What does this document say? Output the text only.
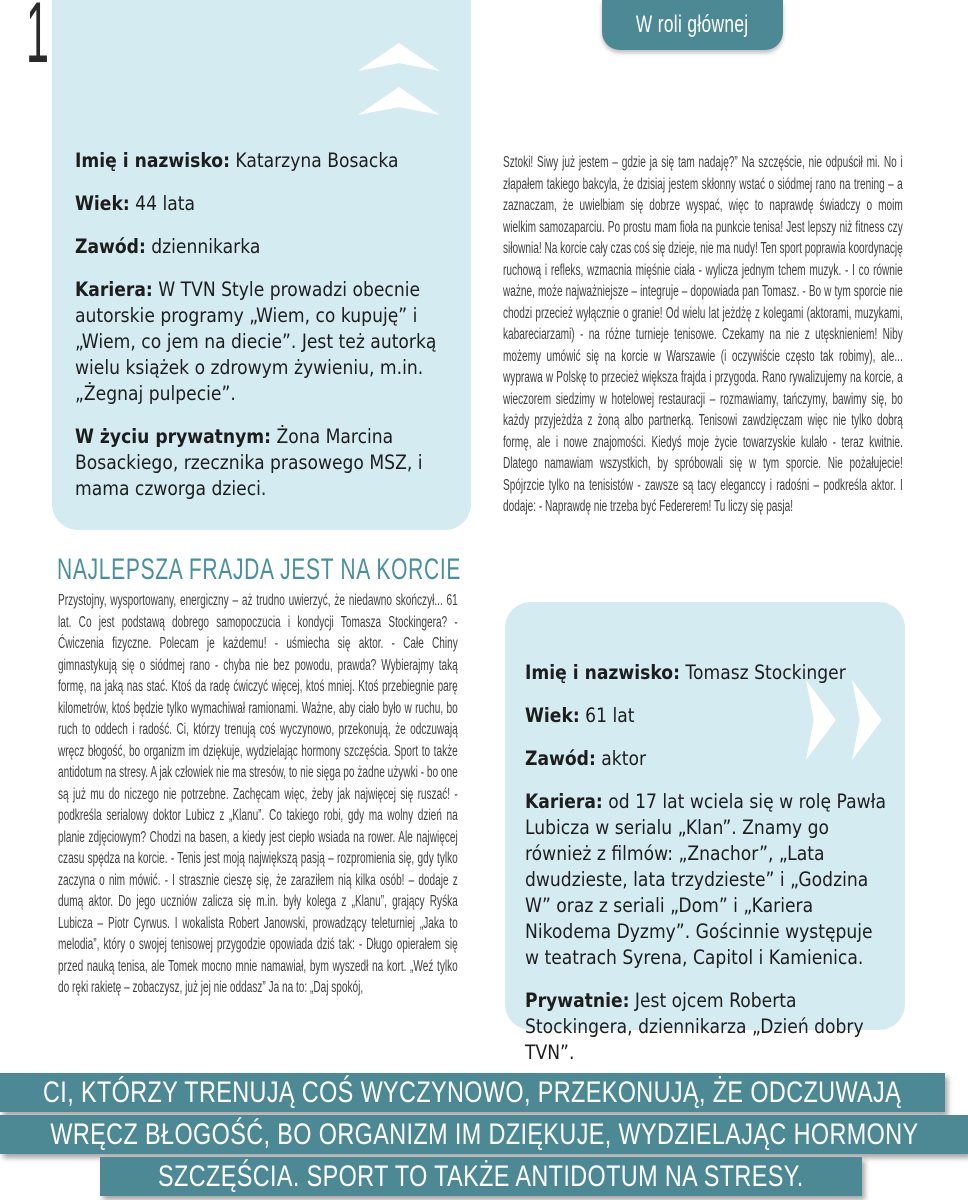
1

Imię i nazwisko: Katarzyna Bosacka

Wiek: 44 lata

Zawód: dziennikarka

Kariera: W TVN Style prowadzi obecnie autorskie programy „Wiem, co kupuję” i „Wiem, co jem na diecie”. Jest też autorką wielu książek o zdrowym żywieniu, m.in. „Żegnaj pulpecie”.

W życiu prywatnym: Żona Marcina Bosackiego, rzecznika prasowego MSZ, i mama czworga dzieci.

W roli głównej
NAJLEPSZA FRAJDA JEST NA KORCIE
Przystojny, wysportowany, energiczny – aż trudno uwierzyć, że niedawno skończył... 61 lat. Co jest podstawą dobrego samopoczucia i kondycji Tomasza Stockingera? - Ćwiczenia fizyczne. Polecam je każdemu! - uśmiecha się aktor. - Całe Chiny gimnastykują się o siódmej rano - chyba nie bez powodu, prawda? Wybierajmy taką formę, na jaką nas stać. Ktoś da radę ćwiczyć więcej, ktoś mniej. Ktoś przebiegnie parę kilometrów, ktoś będzie tylko wymachiwał ramionami. Ważne, aby ciało było w ruchu, bo ruch to oddech i radość. Ci, którzy trenują coś wyczynowo, przekonują, że odczuwają wręcz błogość, bo organizm im dziękuje, wydzielając hormony szczęścia. Sport to także antidotum na stresy. A jak człowiek nie ma stresów, to nie sięga po żadne używki - bo one są już mu do niczego nie potrzebne. Zachęcam więc, żeby jak najwięcej się ruszać! - podkreśla serialowy doktor Lubicz z „Klanu”. Co takiego robi, gdy ma wolny dzień na planie zdjęciowym? Chodzi na basen, a kiedy jest ciepło wsiada na rower. Ale najwięcej czasu spędza na korcie. - Tenis jest moją największą pasją – rozpromienia się, gdy tylko zaczyna o nim mówić. - I strasznie cieszę się, że zaraziłem nią kilka osób! – dodaje z dumą aktor. Do jego uczniów zalicza się m.in. były kolega z „Klanu”, grający Ryśka Lubicza – Piotr Cyrwus. I wokalista Robert Janowski, prowadzący teleturniej „Jaka to melodia”, który o swojej tenisowej przygodzie opowiada dziś tak: - Długo opierałem się przed nauką tenisa, ale Tomek mocno mnie namawiał, bym wyszedł na kort. „Weź tylko do ręki rakietę – zobaczysz, już jej nie oddasz” Ja na to: „Daj spokój,
Sztoki! Siwy już jestem – gdzie ja się tam nadaję?” Na szczęście, nie odpuścił mi. No i złapałem takiego bakcyla, że dzisiaj jestem skłonny wstać o siódmej rano na trening – a zaznaczam, że uwielbiam się dobrze wyspać, więc to naprawdę świadczy o moim wielkim samozaparciu. Po prostu mam fioła na punkcie tenisa! Jest lepszy niż fitness czy siłownia! Na korcie cały czas coś się dzieje, nie ma nudy! Ten sport poprawia koordynację ruchową i refleks, wzmacnia mięśnie ciała - wylicza jednym tchem muzyk. - I co równie ważne, może najważniejsze – integruje – dopowiada pan Tomasz. - Bo w tym sporcie nie chodzi przecież wyłącznie o granie! Od wielu lat jeżdżę z kolegami (aktorami, muzykami, kabareciarzami) - na różne turnieje tenisowe. Czekamy na nie z utęsknieniem! Niby możemy umówić się na korcie w Warszawie (i oczywiście często tak robimy), ale... wyprawa w Polskę to przecież większa frajda i przygoda. Rano rywalizujemy na korcie, a wieczorem siedzimy w hotelowej restauracji – rozmawiamy, tańczymy, bawimy się, bo każdy przyjeżdża z żoną albo partnerką. Tenisowi zawdzięczam więc nie tylko dobrą formę, ale i nowe znajomości. Kiedyś moje życie towarzyskie kulało - teraz kwitnie. Dlatego namawiam wszystkich, by spróbowali się w tym sporcie. Nie pożałujecie! Spójrzcie tylko na tenisistów - zawsze są tacy eleganccy i radośni – podkreśla aktor. I dodaje: - Naprawdę nie trzeba być Federerem! Tu liczy się pasja!

Imię i nazwisko: Tomasz Stockinger

Wiek: 61 lat

Zawód: aktor

Kariera: od 17 lat wciela się w rolę Pawła Lubicza w serialu „Klan”. Znamy go również z filmów: „Znachor”, „Lata dwudzieste, lata trzydzieste” i „Godzina W” oraz z seriali „Dom” i „Kariera Nikodema Dyzmy”. Gościnnie występuje w teatrach Syrena, Capitol i Kamienica.

Prywatnie: Jest ojcem Roberta Stockingera, dziennikarza „Dzień dobry TVN”.

CI, KTÓRZY TRENUJĄ COŚ WYCZYNOWO, PRZEKONUJĄ, ŻE ODCZUWAJĄ
WRĘCZ BŁOGOŚĆ, BO ORGANIZM IM DZIĘKUJE, WYDZIELAJĄC HORMONY
SZCZĘŚCIA. SPORT TO TAKŻE ANTIDOTUM NA STRESY.
